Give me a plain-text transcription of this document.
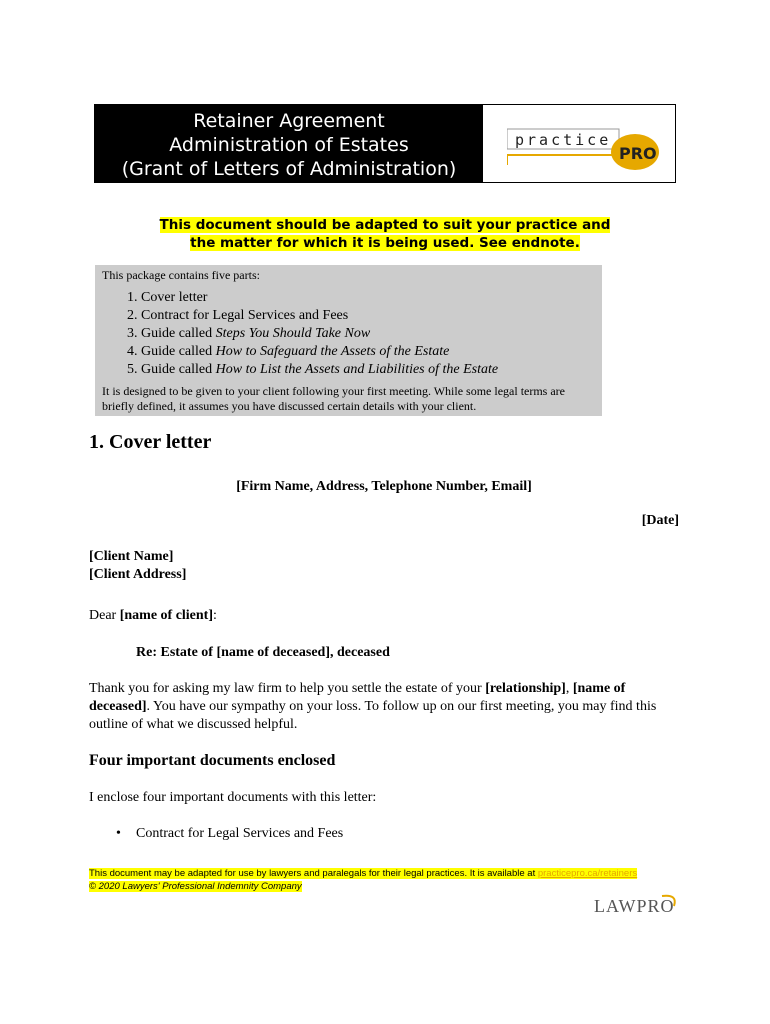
Retainer Agreement
Administration of Estates
(Grant of Letters of Administration)
practice
PRO
This document should be adapted to suit your practice and
the matter for which it is being used. See endnote.
This package contains five parts:
1. Cover letter
2. Contract for Legal Services and Fees
3. Guide called Steps You Should Take Now
4. Guide called How to Safeguard the Assets of the Estate
5. Guide called How to List the Assets and Liabilities of the Estate
It is designed to be given to your client following your first meeting. While some legal terms are briefly defined, it assumes you have discussed certain details with your client.
1. Cover letter
[Firm Name, Address, Telephone Number, Email]
[Date]
[Client Name]
[Client Address]
Dear [name of client]:
Re: Estate of [name of deceased], deceased
Thank you for asking my law firm to help you settle the estate of your [relationship], [name of deceased]. You have our sympathy on your loss. To follow up on our first meeting, you may find this outline of what we discussed helpful.
Four important documents enclosed
I enclose four important documents with this letter:
• Contract for Legal Services and Fees
This document may be adapted for use by lawyers and paralegals for their legal practices. It is available at practicepro.ca/retainers
© 2020 Lawyers' Professional Indemnity Company
LAWPRO
